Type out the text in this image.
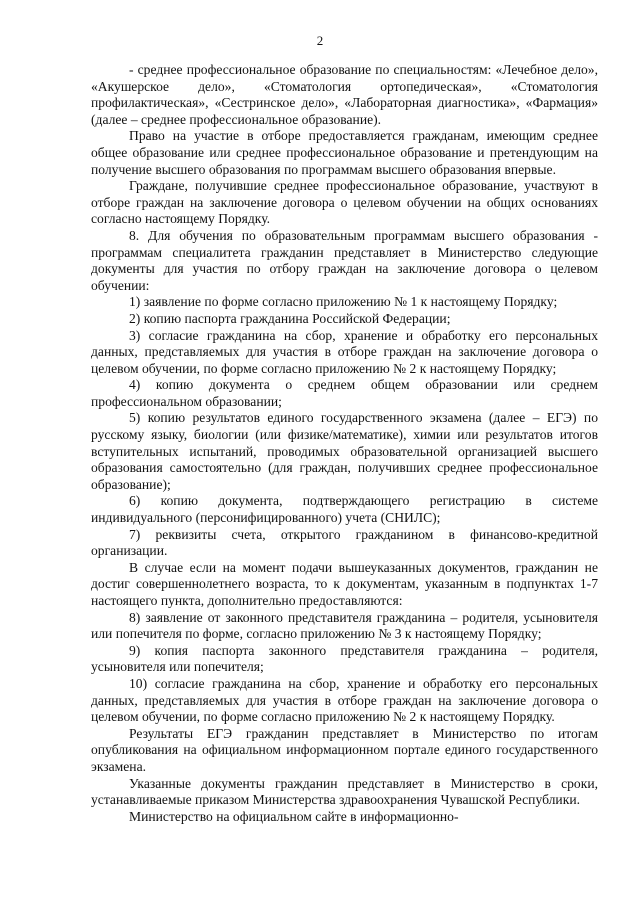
2

- среднее профессиональное образование по специальностям: «Лечебное дело», «Акушерское дело», «Стоматология ортопедическая», «Стоматология профилактическая», «Сестринское дело», «Лабораторная диагностика», «Фармация» (далее – среднее профессиональное образование).

Право на участие в отборе предоставляется гражданам, имеющим среднее общее образование или среднее профессиональное образование и претендующим на получение высшего образования по программам высшего образования впервые.

Граждане, получившие среднее профессиональное образование, участвуют в отборе граждан на заключение договора о целевом обучении на общих основаниях согласно настоящему Порядку.

8. Для обучения по образовательным программам высшего образования - программам специалитета гражданин представляет в Министерство следующие документы для участия по отбору граждан на заключение договора о целевом обучении:

1) заявление по форме согласно приложению № 1 к настоящему Порядку;

2) копию паспорта гражданина Российской Федерации;

3) согласие гражданина на сбор, хранение и обработку его персональных данных, представляемых для участия в отборе граждан на заключение договора о целевом обучении, по форме согласно приложению № 2 к настоящему Порядку;

4) копию документа о среднем общем образовании или среднем профессиональном образовании;

5) копию результатов единого государственного экзамена (далее – ЕГЭ) по русскому языку, биологии (или физике/математике), химии или результатов итогов вступительных испытаний, проводимых образовательной организацией высшего образования самостоятельно (для граждан, получивших среднее профессиональное образование);

6) копию документа, подтверждающего регистрацию в системе индивидуального (персонифицированного) учета (СНИЛС);

7) реквизиты счета, открытого гражданином в финансово-кредитной организации.

В случае если на момент подачи вышеуказанных документов, гражданин не достиг совершеннолетнего возраста, то к документам, указанным в подпунктах 1-7 настоящего пункта, дополнительно предоставляются:

8) заявление от законного представителя гражданина – родителя, усыновителя или попечителя по форме, согласно приложению № 3 к настоящему Порядку;

9) копия паспорта законного представителя гражданина – родителя, усыновителя или попечителя;

10) согласие гражданина на сбор, хранение и обработку его персональных данных, представляемых для участия в отборе граждан на заключение договора о целевом обучении, по форме согласно приложению № 2 к настоящему Порядку.

Результаты ЕГЭ гражданин представляет в Министерство по итогам опубликования на официальном информационном портале единого государственного экзамена.

Указанные документы гражданин представляет в Министерство в сроки, устанавливаемые приказом Министерства здравоохранения Чувашской Республики.

Министерство на официальном сайте в информационно-
